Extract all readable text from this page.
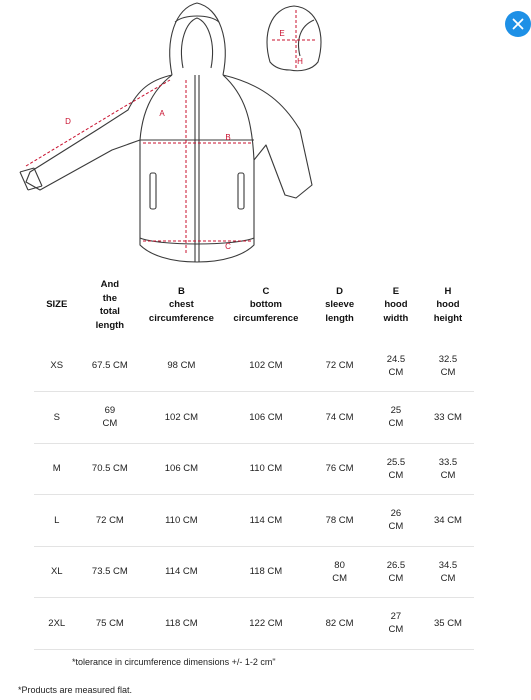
A
B
C
D
E
H
SIZE	And
the
total
length	B
chest
circumference	C
bottom
circumference	D
sleeve
length	E
hood
width	H
hood
height
XS	67.5 CM	98 CM	102 CM	72 CM	24.5 CM	32.5 CM
S	69 CM	102 CM	106 CM	74 CM	25 CM	33 CM
M	70.5 CM	106 CM	110 CM	76 CM	25.5 CM	33.5 CM
L	72 CM	110 CM	114 CM	78 CM	26 CM	34 CM
XL	73.5 CM	114 CM	118 CM	80 CM	26.5 CM	34.5 CM
2XL	75 CM	118 CM	122 CM	82 CM	27 CM	35 CM
*tolerance in circumference dimensions +/- 1-2 cm"
*Products are measured flat.
